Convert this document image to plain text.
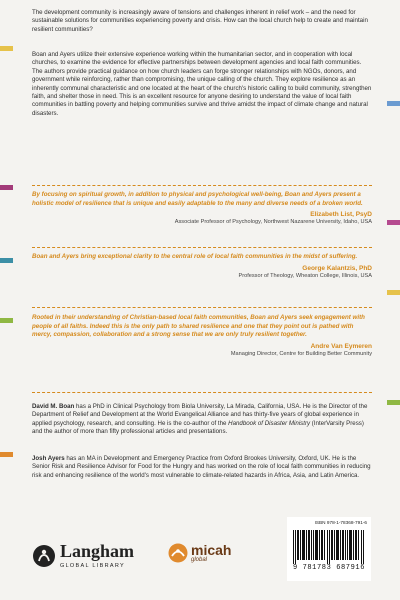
The development community is increasingly aware of tensions and challenges inherent in relief work – and the need for sustainable solutions for communities experiencing poverty and crisis. How can the local church help to create and maintain resilient communities?

Boan and Ayers utilize their extensive experience working within the humanitarian sector, and in cooperation with local churches, to examine the evidence for effective partnerships between development agencies and local faith communities. The authors provide practical guidance on how church leaders can forge stronger relationships with NGOs, donors, and government while reinforcing, rather than compromising, the unique calling of the church. They explore resilience as an inherently communal characteristic and one located at the heart of the church's historic calling to build community, strengthen faith, and shelter those in need. This is an excellent resource for anyone desiring to understand the value of local faith communities in battling poverty and helping communities survive and thrive amidst the impact of climate change and natural disasters.

By focusing on spiritual growth, in addition to physical and psychological well-being, Boan and Ayers present a holistic model of resilience that is unique and easily adaptable to the many and diverse needs of a broken world.

Elizabeth List, PsyD
Associate Professor of Psychology, Northwest Nazarene University, Idaho, USA

Boan and Ayers bring exceptional clarity to the central role of local faith communities in the midst of suffering.

George Kalantzis, PhD
Professor of Theology, Wheaton College, Illinois, USA

Rooted in their understanding of Christian-based local faith communities, Boan and Ayers seek engagement with people of all faiths. Indeed this is the only path to shared resilience and one that they point out is pathed with mercy, compassion, collaboration and a strong sense that we are only truly resilient together.

Andre Van Eymeren
Managing Director, Centre for Building Better Community

David M. Boan has a PhD in Clinical Psychology from Biola University, La Mirada, California, USA. He is the Director of the Department of Relief and Development at the World Evangelical Alliance and has thirty-five years of global experience in applied psychology, research, and consulting. He is the co-author of the Handbook of Disaster Ministry (InterVarsity Press) and the author of more than fifty professional articles and presentations.

Josh Ayers has an MA in Development and Emergency Practice from Oxford Brookes University, Oxford, UK. He is the Senior Risk and Resilience Advisor for Food for the Hungry and has worked on the role of local faith communities in reducing risk and enhancing resilience of the world's most vulnerable to climate-related hazards in Africa, Asia, and Latin America.

Langham
GLOBAL LIBRARY
micah
global
ISBN 978-1-78368-791-6
9 781783 687916
